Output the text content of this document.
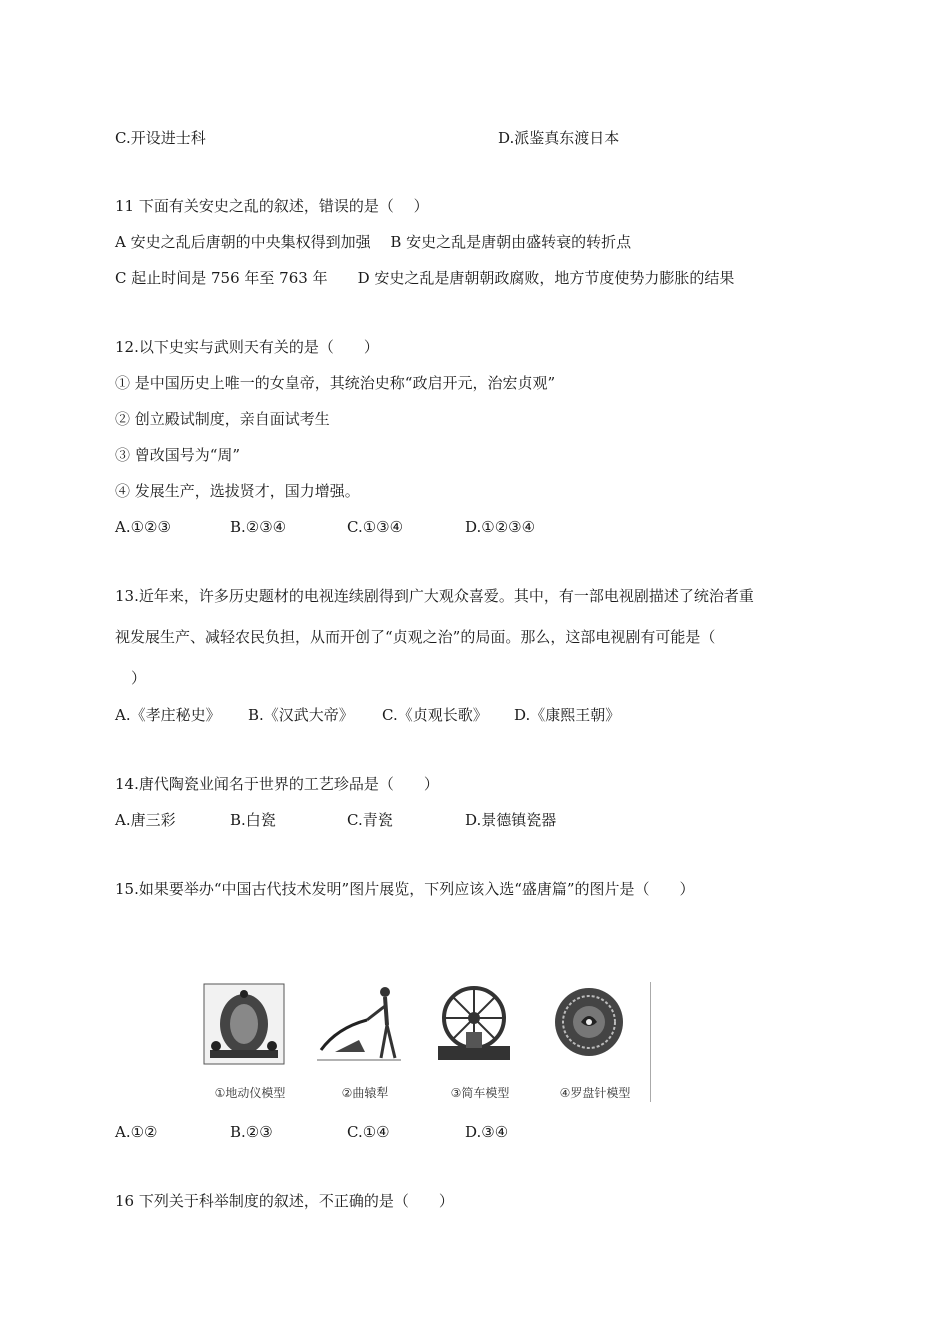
C.开设进士科	D.派鉴真东渡日本
11 下面有关安史之乱的叙述，错误的是（　 ）
A 安史之乱后唐朝的中央集权得到加强　 B 安史之乱是唐朝由盛转衰的转折点
C 起止时间是 756 年至 763 年　　D 安史之乱是唐朝朝政腐败，地方节度使势力膨胀的结果
12.以下史实与武则天有关的是（　　）
① 是中国历史上唯一的女皇帝，其统治史称“政启开元，治宏贞观”
② 创立殿试制度，亲自面试考生
③ 曾改国号为“周”
④ 发展生产，选拔贤才，国力增强。
A.①②③	B.②③④	C.①③④	D.①②③④
13.近年来，许多历史题材的电视连续剧得到广大观众喜爱。其中，有一部电视剧描述了统治者重
视发展生产、减轻农民负担，从而开创了“贞观之治”的局面。那么，这部电视剧有可能是（
）
A.《孝庄秘史》 B.《汉武大帝》 C.《贞观长歌》 D.《康熙王朝》
14.唐代陶瓷业闻名于世界的工艺珍品是（　　）
A.唐三彩	B.白瓷	C.青瓷	D.景德镇瓷器
15.如果要举办“中国古代技术发明”图片展览，下列应该入选“盛唐篇”的图片是（　　）
①地动仪模型	②曲辕犁	③简车模型	④罗盘针模型
A.①②	B.②③	C.①④	D.③④
16 下列关于科举制度的叙述，不正确的是（　　）
